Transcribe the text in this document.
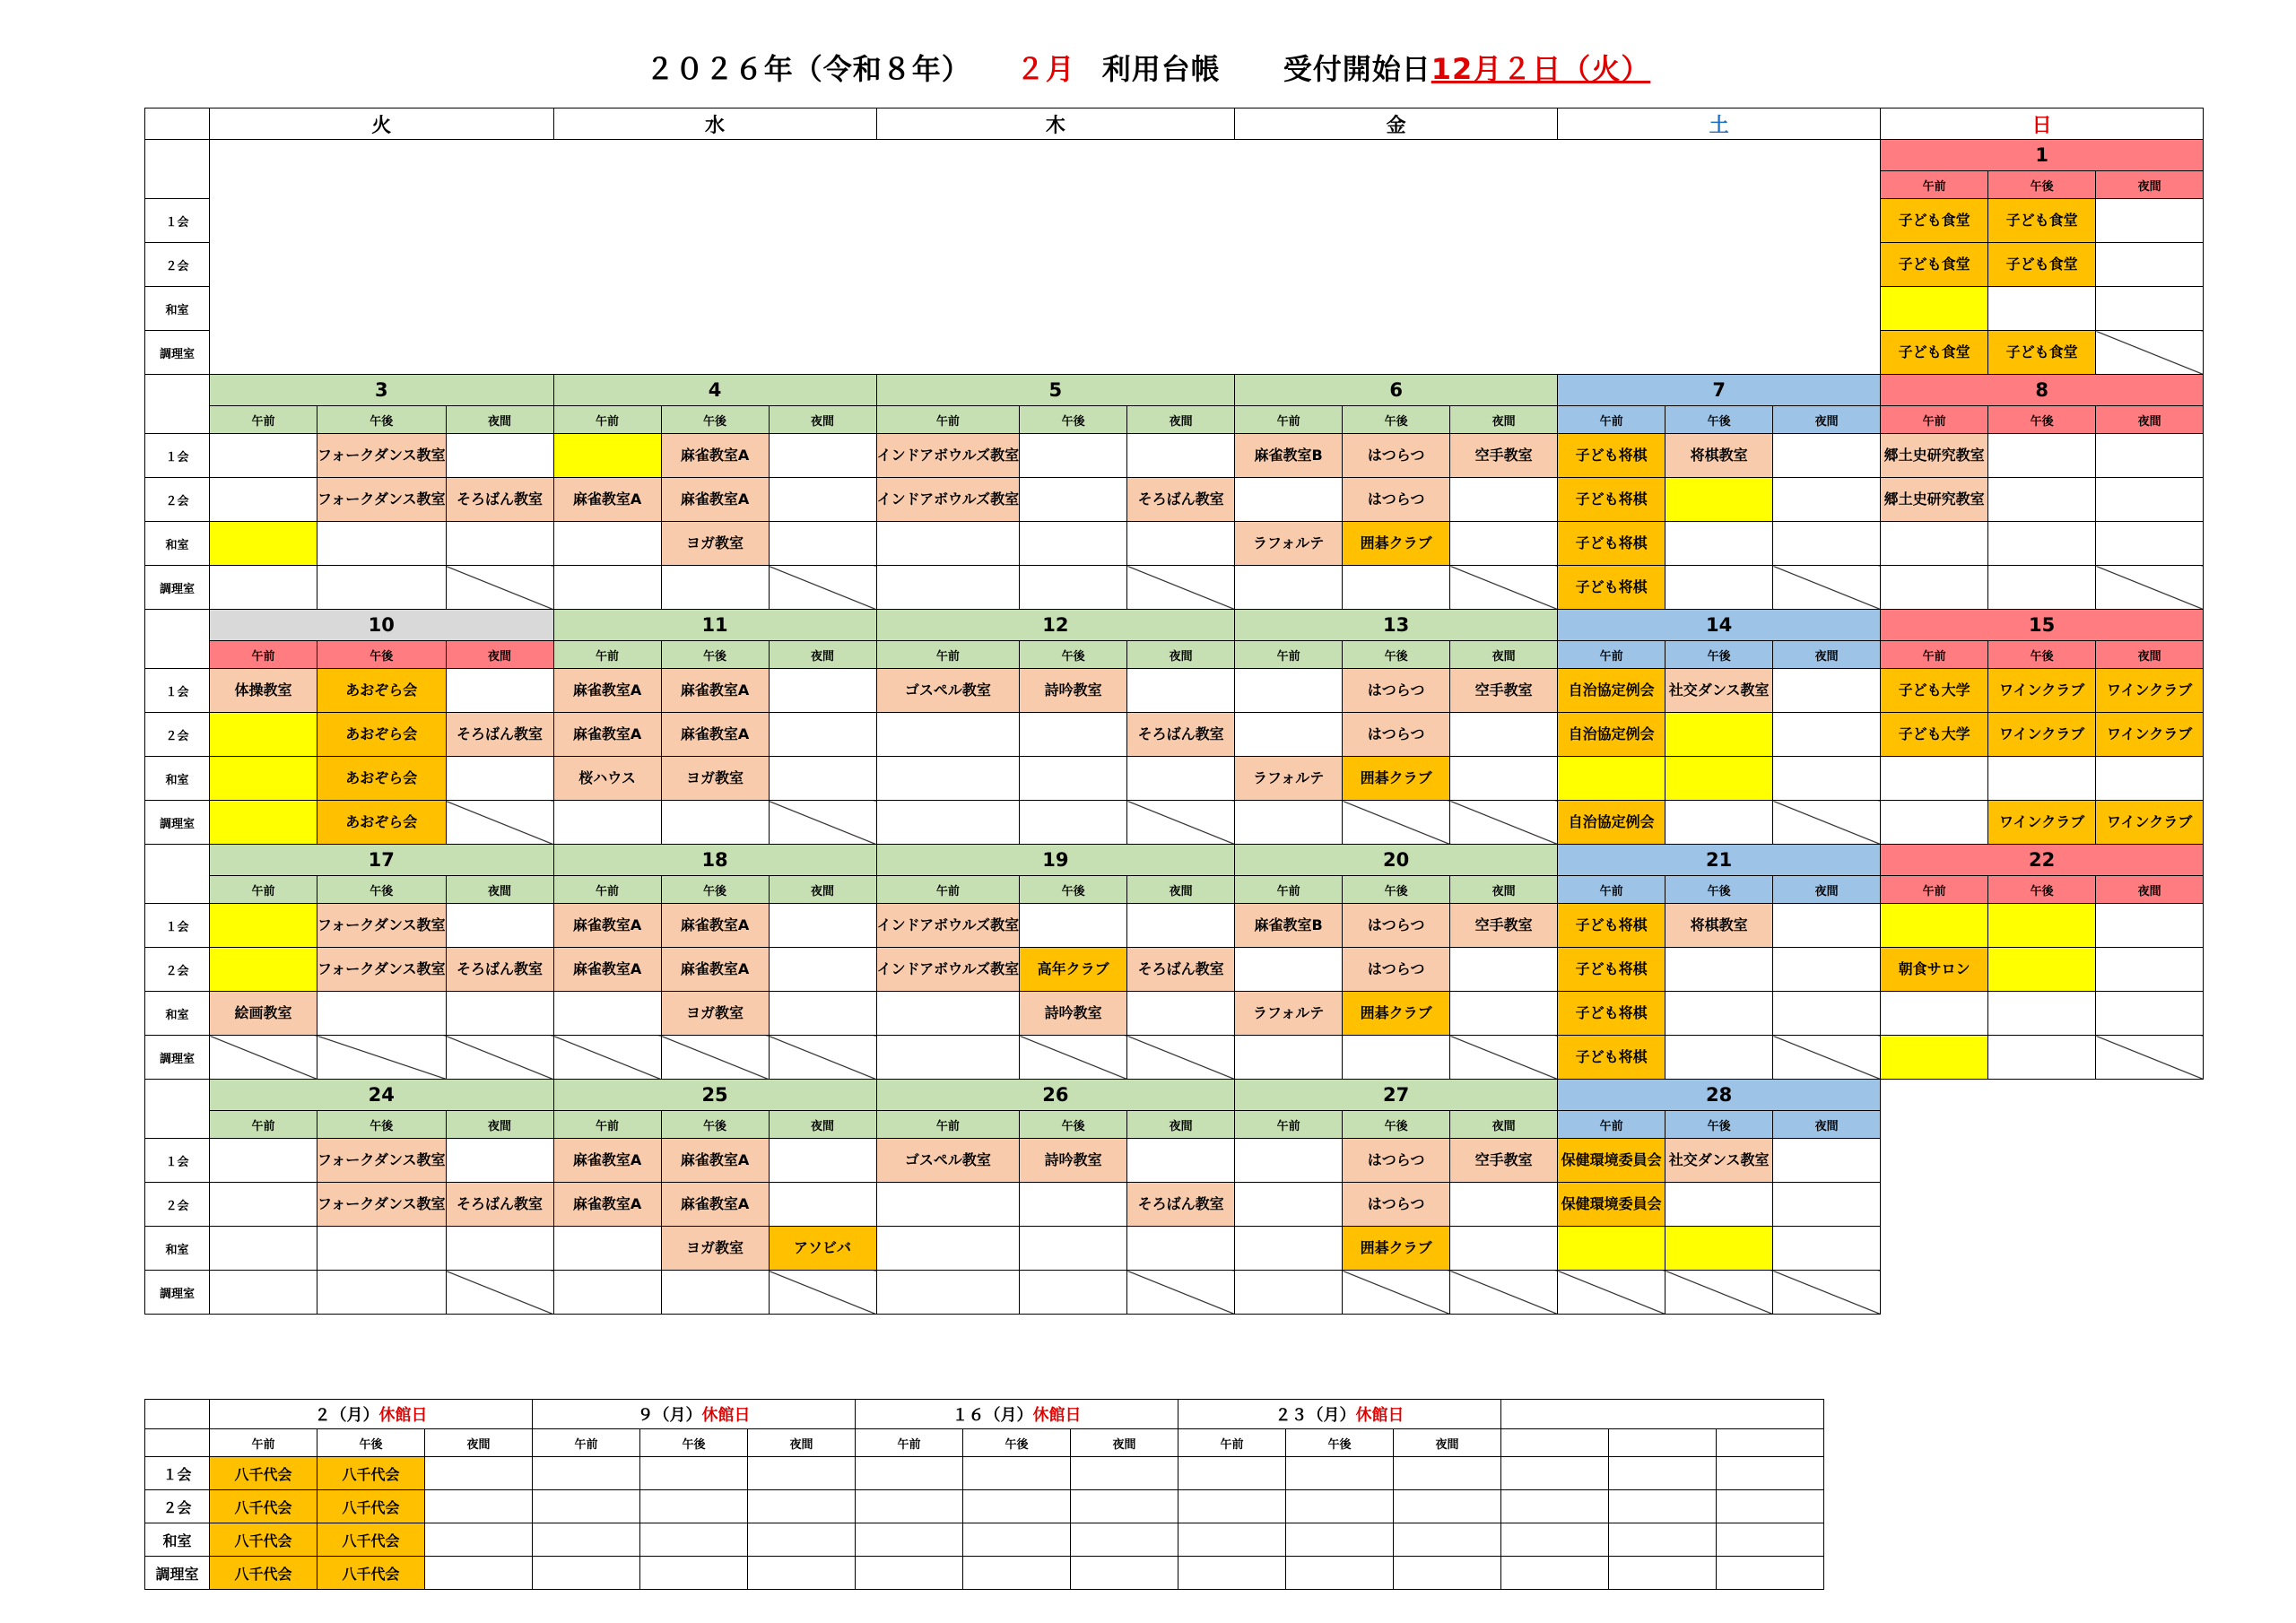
２０２６年（令和８年） ２月 利用台帳 受付開始日12月２日（火）
	火			水			木			金			土			日		
																1		
																午前	午後	夜間
１会																子ども食堂	子ども食堂	
２会																子ども食堂	子ども食堂	
和室																		
調理室																子ども食堂	子ども食堂	
	3			4			5			6			7			8		
	午前	午後	夜間	午前	午後	夜間	午前	午後	夜間	午前	午後	夜間	午前	午後	夜間	午前	午後	夜間
１会		フォークダンス教室			麻雀教室A		インドアボウルズ教室			麻雀教室B	はつらつ	空手教室	子ども将棋	将棋教室		郷土史研究教室		
２会		フォークダンス教室	そろばん教室	麻雀教室A	麻雀教室A		インドアボウルズ教室		そろばん教室		はつらつ		子ども将棋			郷土史研究教室		
和室					ヨガ教室					ラフォルテ	囲碁クラブ		子ども将棋					
調理室													子ども将棋					
	10			11			12			13			14			15		
	午前	午後	夜間	午前	午後	夜間	午前	午後	夜間	午前	午後	夜間	午前	午後	夜間	午前	午後	夜間
１会	体操教室	あおぞら会		麻雀教室A	麻雀教室A		ゴスペル教室	詩吟教室			はつらつ	空手教室	自治協定例会	社交ダンス教室		子ども大学	ワインクラブ	ワインクラブ
２会		あおぞら会	そろばん教室	麻雀教室A	麻雀教室A				そろばん教室		はつらつ		自治協定例会			子ども大学	ワインクラブ	ワインクラブ
和室		あおぞら会		桜ハウス	ヨガ教室					ラフォルテ	囲碁クラブ							
調理室		あおぞら会											自治協定例会				ワインクラブ	ワインクラブ
	17			18			19			20			21			22		
	午前	午後	夜間	午前	午後	夜間	午前	午後	夜間	午前	午後	夜間	午前	午後	夜間	午前	午後	夜間
１会		フォークダンス教室		麻雀教室A	麻雀教室A		インドアボウルズ教室			麻雀教室B	はつらつ	空手教室	子ども将棋	将棋教室				
２会		フォークダンス教室	そろばん教室	麻雀教室A	麻雀教室A		インドアボウルズ教室	高年クラブ	そろばん教室		はつらつ		子ども将棋			朝食サロン		
和室	絵画教室				ヨガ教室			詩吟教室		ラフォルテ	囲碁クラブ		子ども将棋					
調理室													子ども将棋					
	24			25			26			27			28					
	午前	午後	夜間	午前	午後	夜間	午前	午後	夜間	午前	午後	夜間	午前	午後	夜間			
１会		フォークダンス教室		麻雀教室A	麻雀教室A		ゴスペル教室	詩吟教室			はつらつ	空手教室	保健環境委員会	社交ダンス教室				
２会		フォークダンス教室	そろばん教室	麻雀教室A	麻雀教室A				そろばん教室		はつらつ		保健環境委員会					
和室					ヨガ教室	アソビバ					囲碁クラブ							
調理室																		
	２（月）休館日			９（月）休館日			１６（月）休館日			２３（月）休館日					
	午前	午後	夜間	午前	午後	夜間	午前	午後	夜間	午前	午後	夜間			
１会	八千代会	八千代会													
２会	八千代会	八千代会													
和室	八千代会	八千代会													
調理室	八千代会	八千代会													
